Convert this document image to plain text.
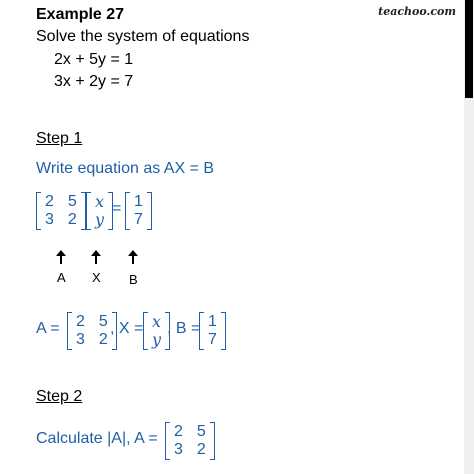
teachoo.com
Example 27
Solve the system of equations
2x + 5y = 1
3x + 2y = 7
Step 1
Write equation as AX = B
2 5
3 2
x
y
= 1
7
A X B
A = 2 5
3 2
, X = x
y
, B = 1
7
Step 2
Calculate |A|, A = 2 5
3 2
